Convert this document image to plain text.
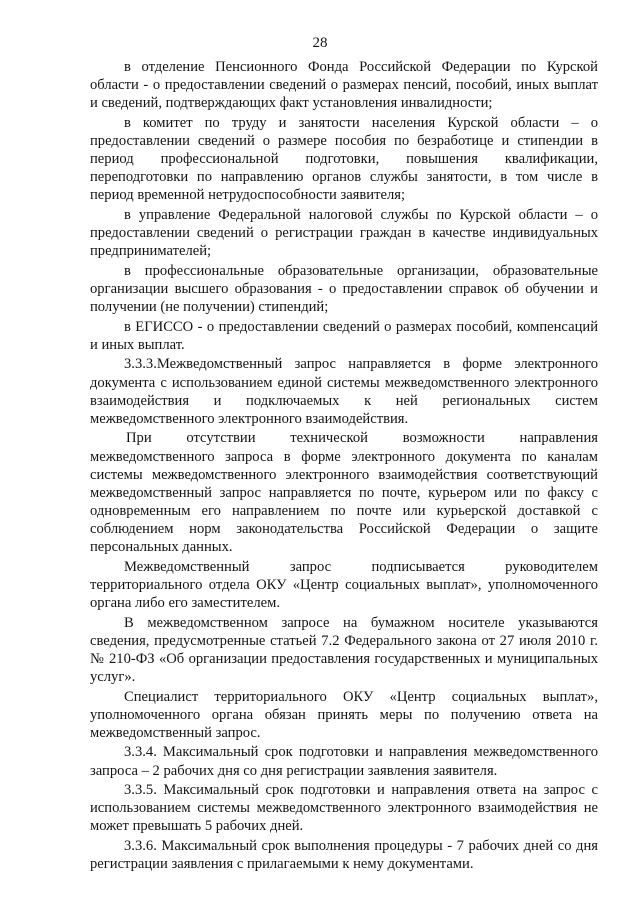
28

в отделение Пенсионного Фонда Российской Федерации по Курской области - о предоставлении сведений о размерах пенсий, пособий, иных выплат и сведений, подтверждающих факт установления инвалидности;

в комитет по труду и занятости населения Курской области – о предоставлении сведений о размере пособия по безработице и стипендии в период профессиональной подготовки, повышения квалификации, переподготовки по направлению органов службы занятости, в том числе в период временной нетрудоспособности заявителя;

в управление Федеральной налоговой службы по Курской области – о предоставлении сведений о регистрации граждан в качестве индивидуальных предпринимателей;

в профессиональные образовательные организации, образовательные организации высшего образования - о предоставлении справок об обучении и получении (не получении) стипендий;

в ЕГИССО - о предоставлении сведений о размерах пособий, компенсаций и иных выплат.

3.3.3.Межведомственный запрос направляется в форме электронного документа с использованием единой системы межведомственного электронного взаимодействия и подключаемых к ней региональных систем межведомственного электронного взаимодействия.

При отсутствии технической возможности направления межведомственного запроса в форме электронного документа по каналам системы межведомственного электронного взаимодействия соответствующий межведомственный запрос направляется по почте, курьером или по факсу с одновременным его направлением по почте или курьерской доставкой с соблюдением норм законодательства Российской Федерации о защите персональных данных.

Межведомственный запрос подписывается руководителем территориального отдела ОКУ «Центр социальных выплат», уполномоченного органа либо его заместителем.

В межведомственном запросе на бумажном носителе указываются сведения, предусмотренные статьей 7.2 Федерального закона от 27 июля 2010 г. № 210-ФЗ «Об организации предоставления государственных и муниципальных услуг».

Специалист территориального ОКУ «Центр социальных выплат», уполномоченного органа обязан принять меры по получению ответа на межведомственный запрос.

3.3.4. Максимальный срок подготовки и направления межведомственного запроса – 2 рабочих дня со дня регистрации заявления заявителя.

3.3.5. Максимальный срок подготовки и направления ответа на запрос с использованием системы межведомственного электронного взаимодействия не может превышать 5 рабочих дней.

3.3.6. Максимальный срок выполнения процедуры - 7 рабочих дней со дня регистрации заявления с прилагаемыми к нему документами.
